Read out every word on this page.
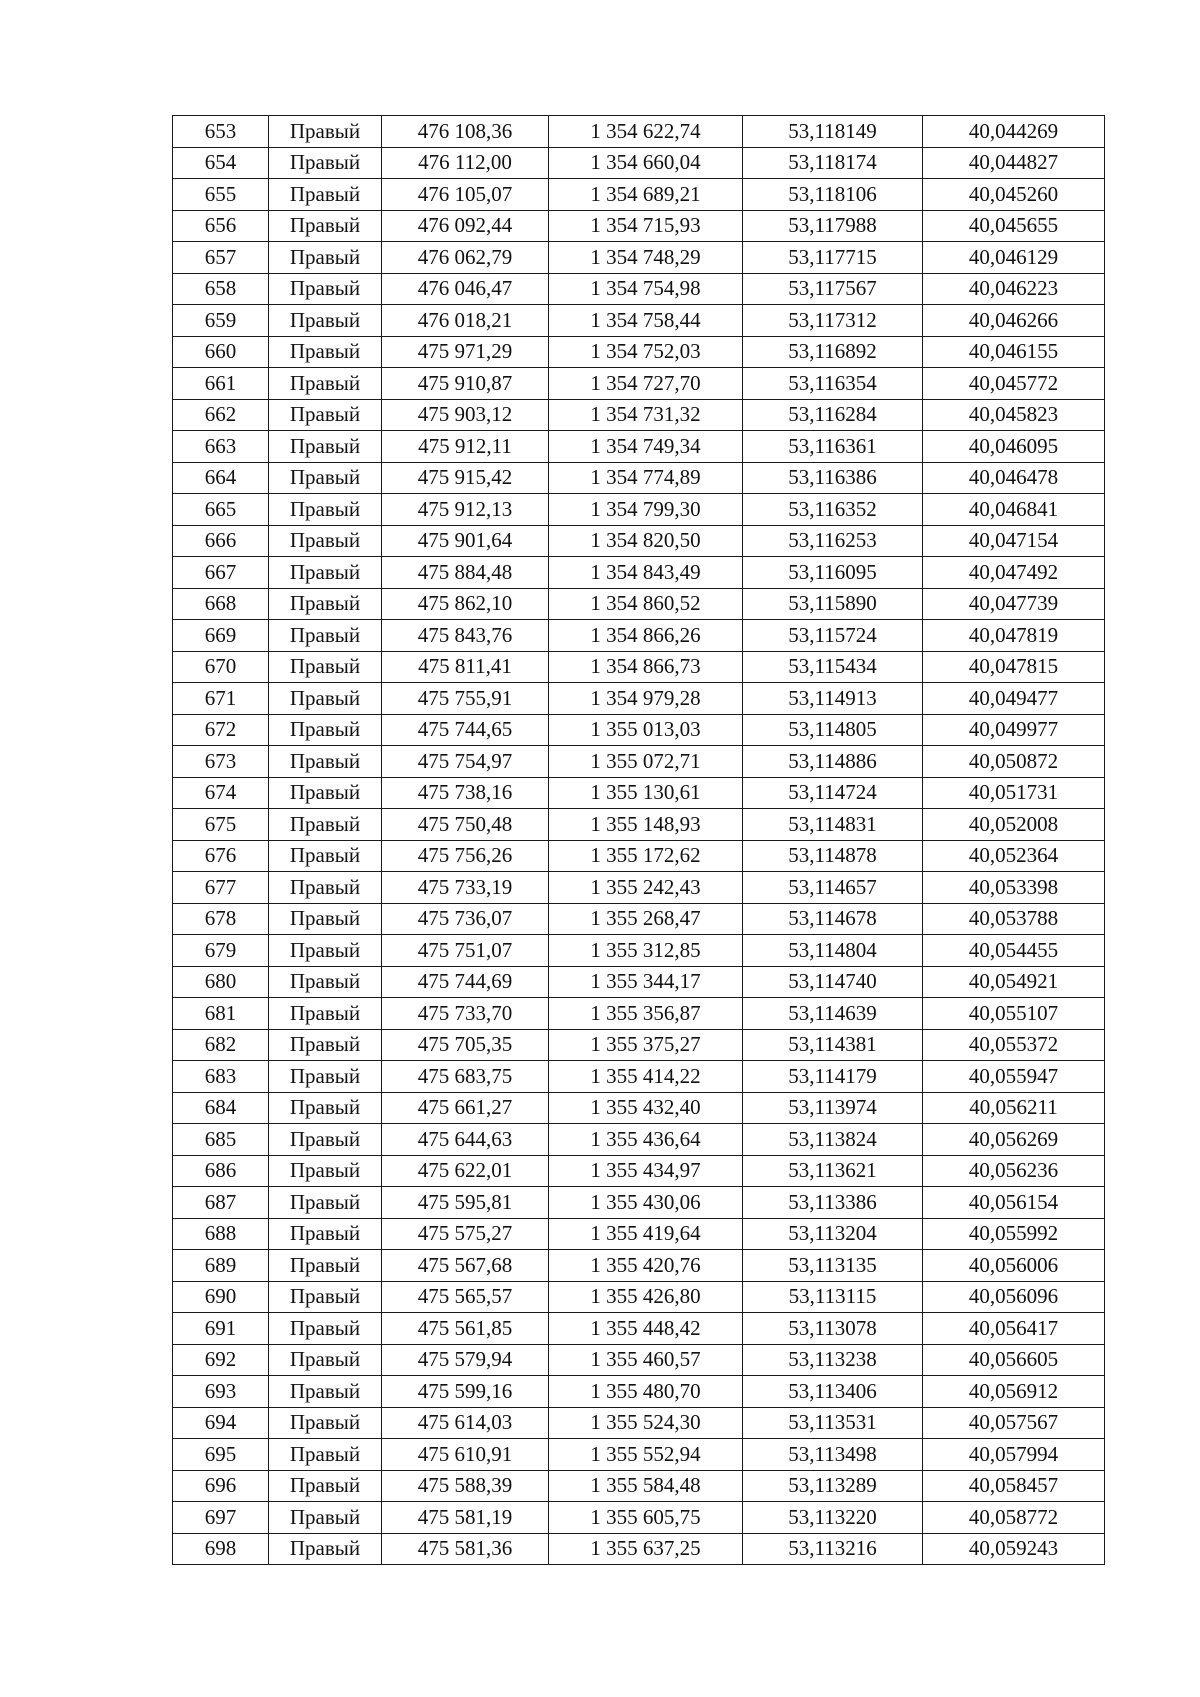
653	Правый	476 108,36	1 354 622,74	53,118149	40,044269
654	Правый	476 112,00	1 354 660,04	53,118174	40,044827
655	Правый	476 105,07	1 354 689,21	53,118106	40,045260
656	Правый	476 092,44	1 354 715,93	53,117988	40,045655
657	Правый	476 062,79	1 354 748,29	53,117715	40,046129
658	Правый	476 046,47	1 354 754,98	53,117567	40,046223
659	Правый	476 018,21	1 354 758,44	53,117312	40,046266
660	Правый	475 971,29	1 354 752,03	53,116892	40,046155
661	Правый	475 910,87	1 354 727,70	53,116354	40,045772
662	Правый	475 903,12	1 354 731,32	53,116284	40,045823
663	Правый	475 912,11	1 354 749,34	53,116361	40,046095
664	Правый	475 915,42	1 354 774,89	53,116386	40,046478
665	Правый	475 912,13	1 354 799,30	53,116352	40,046841
666	Правый	475 901,64	1 354 820,50	53,116253	40,047154
667	Правый	475 884,48	1 354 843,49	53,116095	40,047492
668	Правый	475 862,10	1 354 860,52	53,115890	40,047739
669	Правый	475 843,76	1 354 866,26	53,115724	40,047819
670	Правый	475 811,41	1 354 866,73	53,115434	40,047815
671	Правый	475 755,91	1 354 979,28	53,114913	40,049477
672	Правый	475 744,65	1 355 013,03	53,114805	40,049977
673	Правый	475 754,97	1 355 072,71	53,114886	40,050872
674	Правый	475 738,16	1 355 130,61	53,114724	40,051731
675	Правый	475 750,48	1 355 148,93	53,114831	40,052008
676	Правый	475 756,26	1 355 172,62	53,114878	40,052364
677	Правый	475 733,19	1 355 242,43	53,114657	40,053398
678	Правый	475 736,07	1 355 268,47	53,114678	40,053788
679	Правый	475 751,07	1 355 312,85	53,114804	40,054455
680	Правый	475 744,69	1 355 344,17	53,114740	40,054921
681	Правый	475 733,70	1 355 356,87	53,114639	40,055107
682	Правый	475 705,35	1 355 375,27	53,114381	40,055372
683	Правый	475 683,75	1 355 414,22	53,114179	40,055947
684	Правый	475 661,27	1 355 432,40	53,113974	40,056211
685	Правый	475 644,63	1 355 436,64	53,113824	40,056269
686	Правый	475 622,01	1 355 434,97	53,113621	40,056236
687	Правый	475 595,81	1 355 430,06	53,113386	40,056154
688	Правый	475 575,27	1 355 419,64	53,113204	40,055992
689	Правый	475 567,68	1 355 420,76	53,113135	40,056006
690	Правый	475 565,57	1 355 426,80	53,113115	40,056096
691	Правый	475 561,85	1 355 448,42	53,113078	40,056417
692	Правый	475 579,94	1 355 460,57	53,113238	40,056605
693	Правый	475 599,16	1 355 480,70	53,113406	40,056912
694	Правый	475 614,03	1 355 524,30	53,113531	40,057567
695	Правый	475 610,91	1 355 552,94	53,113498	40,057994
696	Правый	475 588,39	1 355 584,48	53,113289	40,058457
697	Правый	475 581,19	1 355 605,75	53,113220	40,058772
698	Правый	475 581,36	1 355 637,25	53,113216	40,059243
